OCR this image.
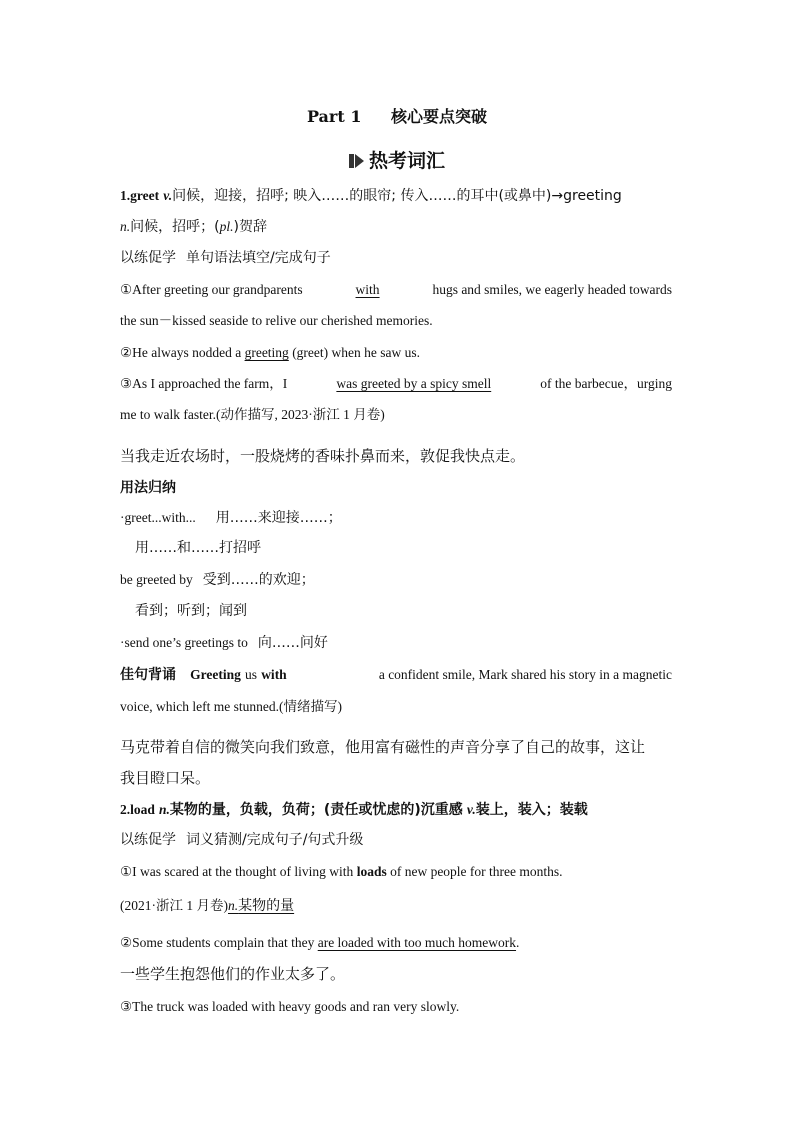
Part 1 核心要点突破
热考词汇
1.greet v.问候，迎接，招呼; 映入……的眼帘; 传入……的耳中(或鼻中)→greeting
n.问候，招呼；(pl.)贺辞
以练促学 单句语法填空/完成句子
①After greeting our grandparents	with	hugs and smiles, we eagerly headed towards
the sun－kissed seaside to relive our cherished memories.
②He always nodded a greeting (greet) when he saw us.
③As I approached the farm，I	was greeted by a spicy smell	of the barbecue，urging
me to walk faster.(动作描写, 2023·浙江 1 月卷)
当我走近农场时，一股烧烤的香味扑鼻而来，敦促我快点走。
用法归纳
·greet...with... 用……来迎接……；
用……和……打招呼
be greeted by 受到……的欢迎；
看到；听到；闻到
·send one’s greetings to 向……问好
佳句背诵 Greeting us with	a confident smile, Mark shared his story in a magnetic
voice, which left me stunned.(情绪描写)
马克带着自信的微笑向我们致意，他用富有磁性的声音分享了自己的故事，这让
我目瞪口呆。
2.load n.某物的量，负载，负荷；(责任或忧虑的)沉重感 v.装上，装入；装载
以练促学 词义猜测/完成句子/句式升级
①I was scared at the thought of living with loads of new people for three months.
(2021·浙江 1 月卷)n.某物的量
②Some students complain that they are loaded with too much homework.
一些学生抱怨他们的作业太多了。
③The truck was loaded with heavy goods and ran very slowly.
